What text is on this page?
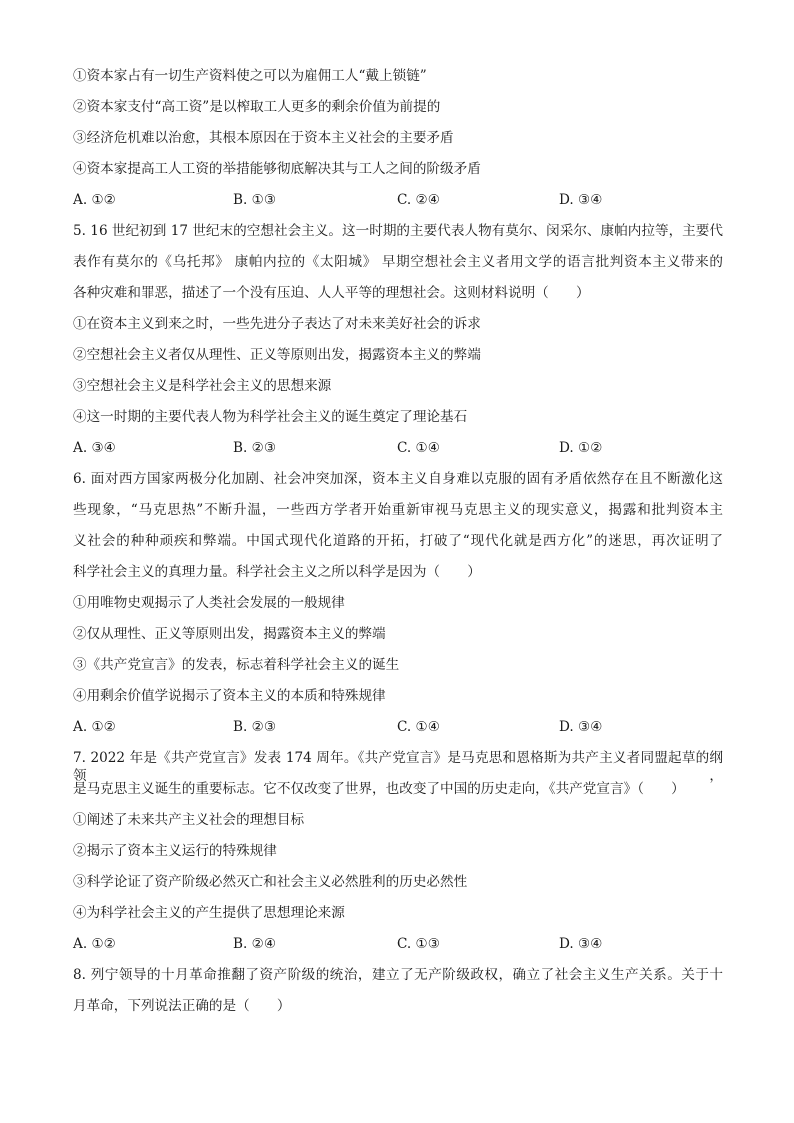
①资本家占有一切生产资料使之可以为雇佣工人“戴上锁链”
②资本家支付“高工资”是以榨取工人更多的剩余价值为前提的
③经济危机难以治愈，其根本原因在于资本主义社会的主要矛盾
④资本家提高工人工资的举措能够彻底解决其与工人之间的阶级矛盾
A. ①②	B. ①③	C. ②④	D. ③④
5. 16 世纪初到 17 世纪末的空想社会主义。这一时期的主要代表人物有莫尔、闵采尔、康帕内拉等，主要代
表作有莫尔的《乌托邦》 康帕内拉的《太阳城》 早期空想社会主义者用文学的语言批判资本主义带来的
各种灾难和罪恶，描述了一个没有压迫、人人平等的理想社会。这则材料说明（　　）
①在资本主义到来之时，一些先进分子表达了对未来美好社会的诉求
②空想社会主义者仅从理性、正义等原则出发，揭露资本主义的弊端
③空想社会主义是科学社会主义的思想来源
④这一时期的主要代表人物为科学社会主义的诞生奠定了理论基石
A. ③④	B. ②③	C. ①④	D. ①②
6. 面对西方国家两极分化加剧、社会冲突加深，资本主义自身难以克服的固有矛盾依然存在且不断激化这
些现象，“马克思热”不断升温，一些西方学者开始重新审视马克思主义的现实意义，揭露和批判资本主
义社会的种种顽疾和弊端。中国式现代化道路的开拓，打破了“现代化就是西方化”的迷思，再次证明了
科学社会主义的真理力量。科学社会主义之所以科学是因为（　　）
①用唯物史观揭示了人类社会发展的一般规律
②仅从理性、正义等原则出发，揭露资本主义的弊端
③《共产党宣言》的发表，标志着科学社会主义的诞生
④用剩余价值学说揭示了资本主义的本质和特殊规律
A. ①②	B. ②③	C. ①④	D. ③④
7. 2022 年是《共产党宣言》发表 174 周年。《共产党宣言》是马克思和恩格斯为共产主义者同盟起草的纲领，
是马克思主义诞生的重要标志。它不仅改变了世界，也改变了中国的历史走向，《共产党宣言》（　　）
①阐述了未来共产主义社会的理想目标
②揭示了资本主义运行的特殊规律
③科学论证了资产阶级必然灭亡和社会主义必然胜利的历史必然性
④为科学社会主义的产生提供了思想理论来源
A. ①②	B. ②④	C. ①③	D. ③④
8. 列宁领导的十月革命推翻了资产阶级的统治，建立了无产阶级政权，确立了社会主义生产关系。关于十
月革命，下列说法正确的是（　　）
